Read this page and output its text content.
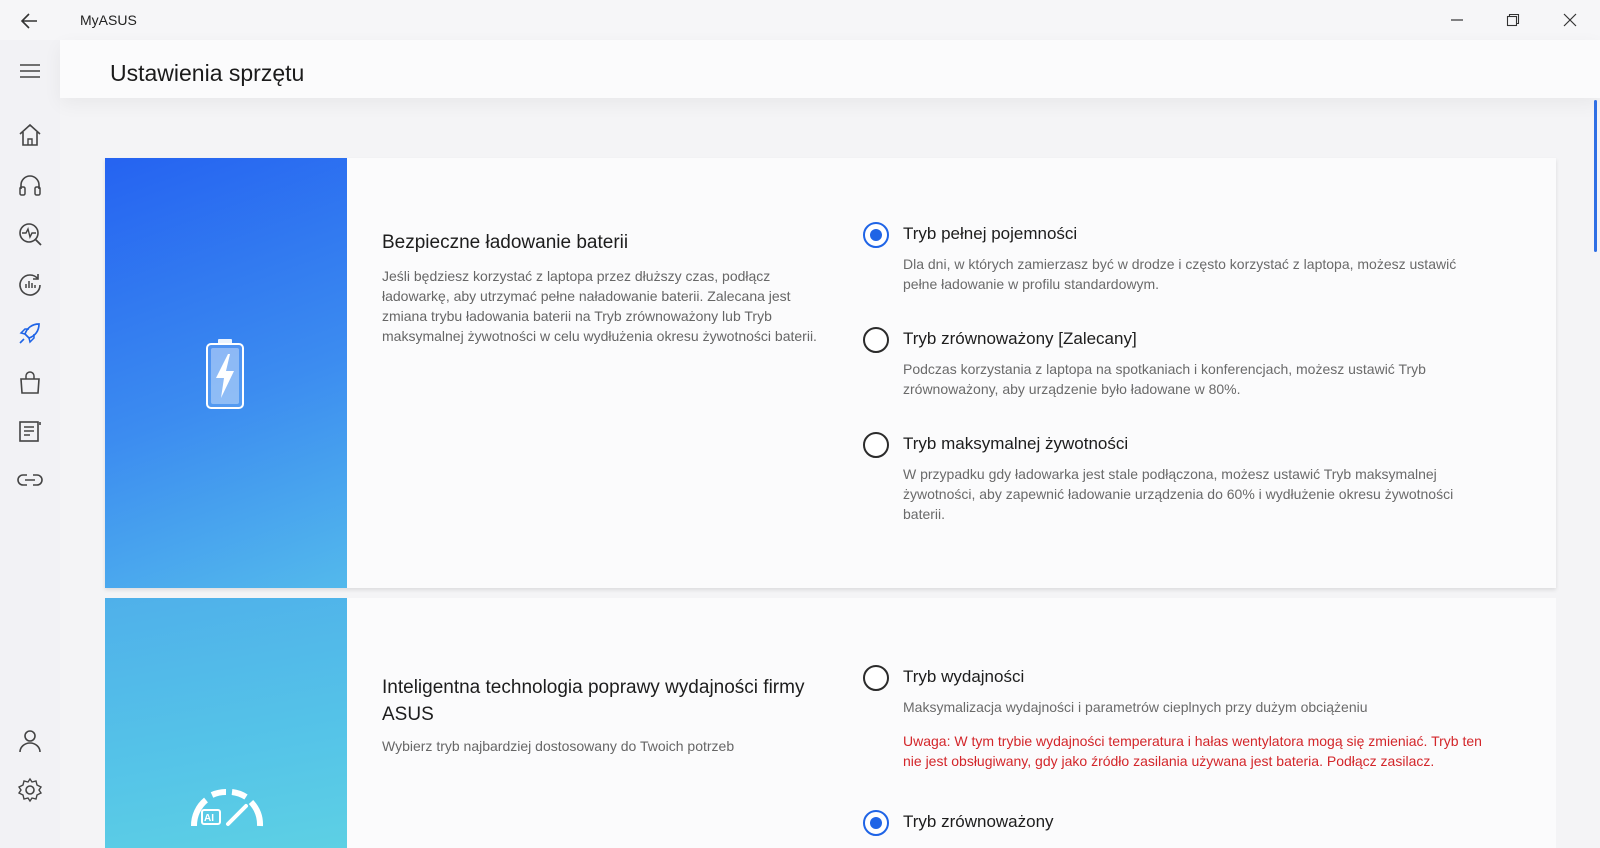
MyASUS
Ustawienia sprzętu
Bezpieczne ładowanie baterii
Jeśli będziesz korzystać z laptopa przez dłuższy czas, podłącz ładowarkę, aby utrzymać pełne naładowanie baterii. Zalecana jest zmiana trybu ładowania baterii na Tryb zrównoważony lub Tryb maksymalnej żywotności w celu wydłużenia okresu żywotności baterii.
Tryb pełnej pojemności
Dla dni, w których zamierzasz być w drodze i często korzystać z laptopa, możesz ustawić pełne ładowanie w profilu standardowym.
Tryb zrównoważony [Zalecany]
Podczas korzystania z laptopa na spotkaniach i konferencjach, możesz ustawić Tryb zrównoważony, aby urządzenie było ładowane w 80%.
Tryb maksymalnej żywotności
W przypadku gdy ładowarka jest stale podłączona, możesz ustawić Tryb maksymalnej żywotności, aby zapewnić ładowanie urządzenia do 60% i wydłużenie okresu żywotności baterii.
AI
Inteligentna technologia poprawy wydajności firmy ASUS
Wybierz tryb najbardziej dostosowany do Twoich potrzeb
Tryb wydajności
Maksymalizacja wydajności i parametrów cieplnych przy dużym obciążeniu
Uwaga: W tym trybie wydajności temperatura i hałas wentylatora mogą się zmieniać. Tryb ten nie jest obsługiwany, gdy jako źródło zasilania używana jest bateria. Podłącz zasilacz.
Tryb zrównoważony
